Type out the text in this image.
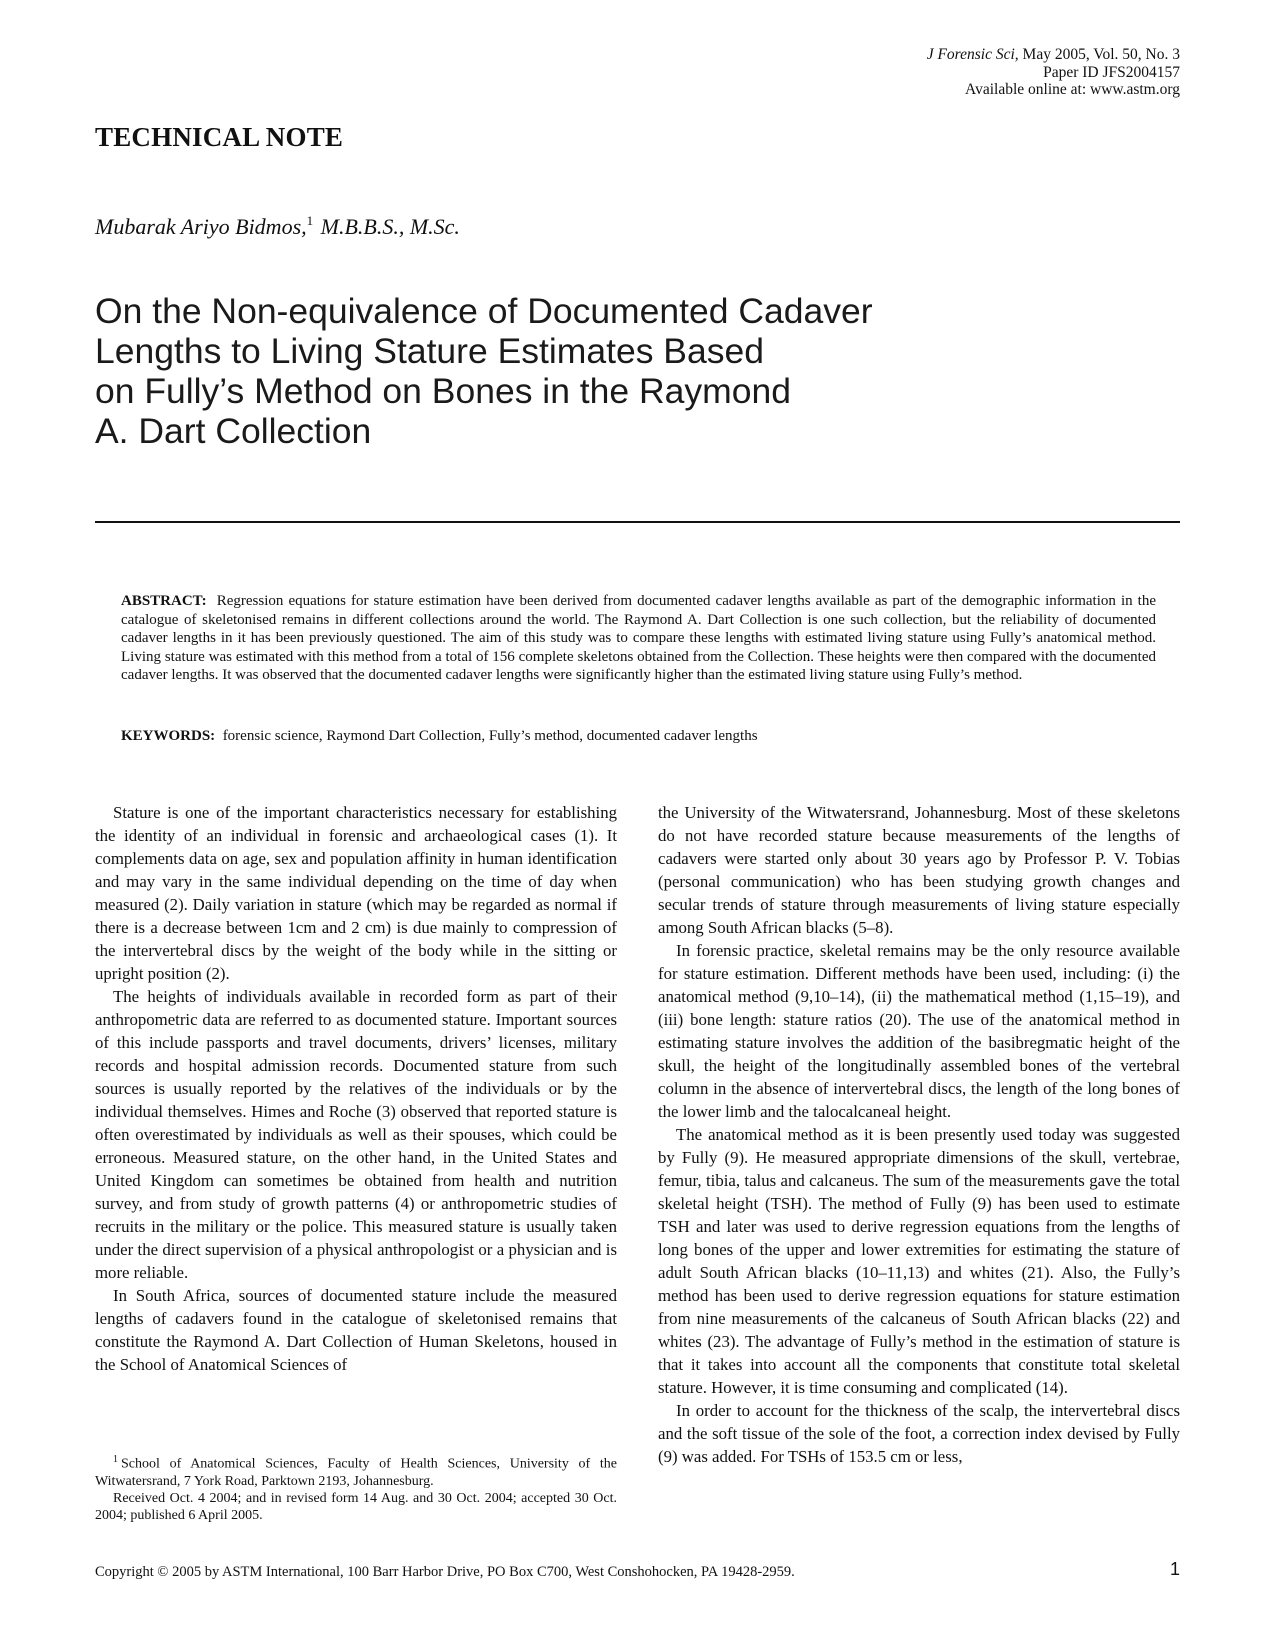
J Forensic Sci, May 2005, Vol. 50, No. 3
Paper ID JFS2004157
Available online at: www.astm.org
TECHNICAL NOTE
Mubarak Ariyo Bidmos,$^1$ M.B.B.S., M.Sc.
On the Non-equivalence of Documented Cadaver
Lengths to Living Stature Estimates Based
on Fully’s Method on Bones in the Raymond
A. Dart Collection
ABSTRACT: Regression equations for stature estimation have been derived from documented cadaver lengths available as part of the demographic information in the catalogue of skeletonised remains in different collections around the world. The Raymond A. Dart Collection is one such collection, but the reliability of documented cadaver lengths in it has been previously questioned. The aim of this study was to compare these lengths with estimated living stature using Fully’s anatomical method. Living stature was estimated with this method from a total of 156 complete skeletons obtained from the Collection. These heights were then compared with the documented cadaver lengths. It was observed that the documented cadaver lengths were significantly higher than the estimated living stature using Fully’s method.
KEYWORDS: forensic science, Raymond Dart Collection, Fully’s method, documented cadaver lengths

Stature is one of the important characteristics necessary for establishing the identity of an individual in forensic and archaeological cases (1). It complements data on age, sex and population affinity in human identification and may vary in the same individual depending on the time of day when measured (2). Daily variation in stature (which may be regarded as normal if there is a decrease between 1cm and 2 cm) is due mainly to compression of the intervertebral discs by the weight of the body while in the sitting or upright position (2).

The heights of individuals available in recorded form as part of their anthropometric data are referred to as documented stature. Important sources of this include passports and travel documents, drivers’ licenses, military records and hospital admission records. Documented stature from such sources is usually reported by the relatives of the individuals or by the individual themselves. Himes and Roche (3) observed that reported stature is often overestimated by individuals as well as their spouses, which could be erroneous. Measured stature, on the other hand, in the United States and United Kingdom can sometimes be obtained from health and nutrition survey, and from study of growth patterns (4) or anthropometric studies of recruits in the military or the police. This measured stature is usually taken under the direct supervision of a physical anthropologist or a physician and is more reliable.

In South Africa, sources of documented stature include the measured lengths of cadavers found in the catalogue of skeletonised remains that constitute the Raymond A. Dart Collection of Human Skeletons, housed in the School of Anatomical Sciences of

the University of the Witwatersrand, Johannesburg. Most of these skeletons do not have recorded stature because measurements of the lengths of cadavers were started only about 30 years ago by Professor P. V. Tobias (personal communication) who has been studying growth changes and secular trends of stature through measurements of living stature especially among South African blacks (5–8).

In forensic practice, skeletal remains may be the only resource available for stature estimation. Different methods have been used, including: (i) the anatomical method (9,10–14), (ii) the mathematical method (1,15–19), and (iii) bone length: stature ratios (20). The use of the anatomical method in estimating stature involves the addition of the basibregmatic height of the skull, the height of the longitudinally assembled bones of the vertebral column in the absence of intervertebral discs, the length of the long bones of the lower limb and the talocalcaneal height.

The anatomical method as it is been presently used today was suggested by Fully (9). He measured appropriate dimensions of the skull, vertebrae, femur, tibia, talus and calcaneus. The sum of the measurements gave the total skeletal height (TSH). The method of Fully (9) has been used to estimate TSH and later was used to derive regression equations from the lengths of long bones of the upper and lower extremities for estimating the stature of adult South African blacks (10–11,13) and whites (21). Also, the Fully’s method has been used to derive regression equations for stature estimation from nine measurements of the calcaneus of South African blacks (22) and whites (23). The advantage of Fully’s method in the estimation of stature is that it takes into account all the components that constitute total skeletal stature. However, it is time consuming and complicated (14).

In order to account for the thickness of the scalp, the intervertebral discs and the soft tissue of the sole of the foot, a correction index devised by Fully (9) was added. For TSHs of 153.5 cm or less,

$^1$ School of Anatomical Sciences, Faculty of Health Sciences, University of the Witwatersrand, 7 York Road, Parktown 2193, Johannesburg.

Received Oct. 4 2004; and in revised form 14 Aug. and 30 Oct. 2004; accepted 30 Oct. 2004; published 6 April 2005.

Copyright © 2005 by ASTM International, 100 Barr Harbor Drive, PO Box C700, West Conshohocken, PA 19428-2959.	1
